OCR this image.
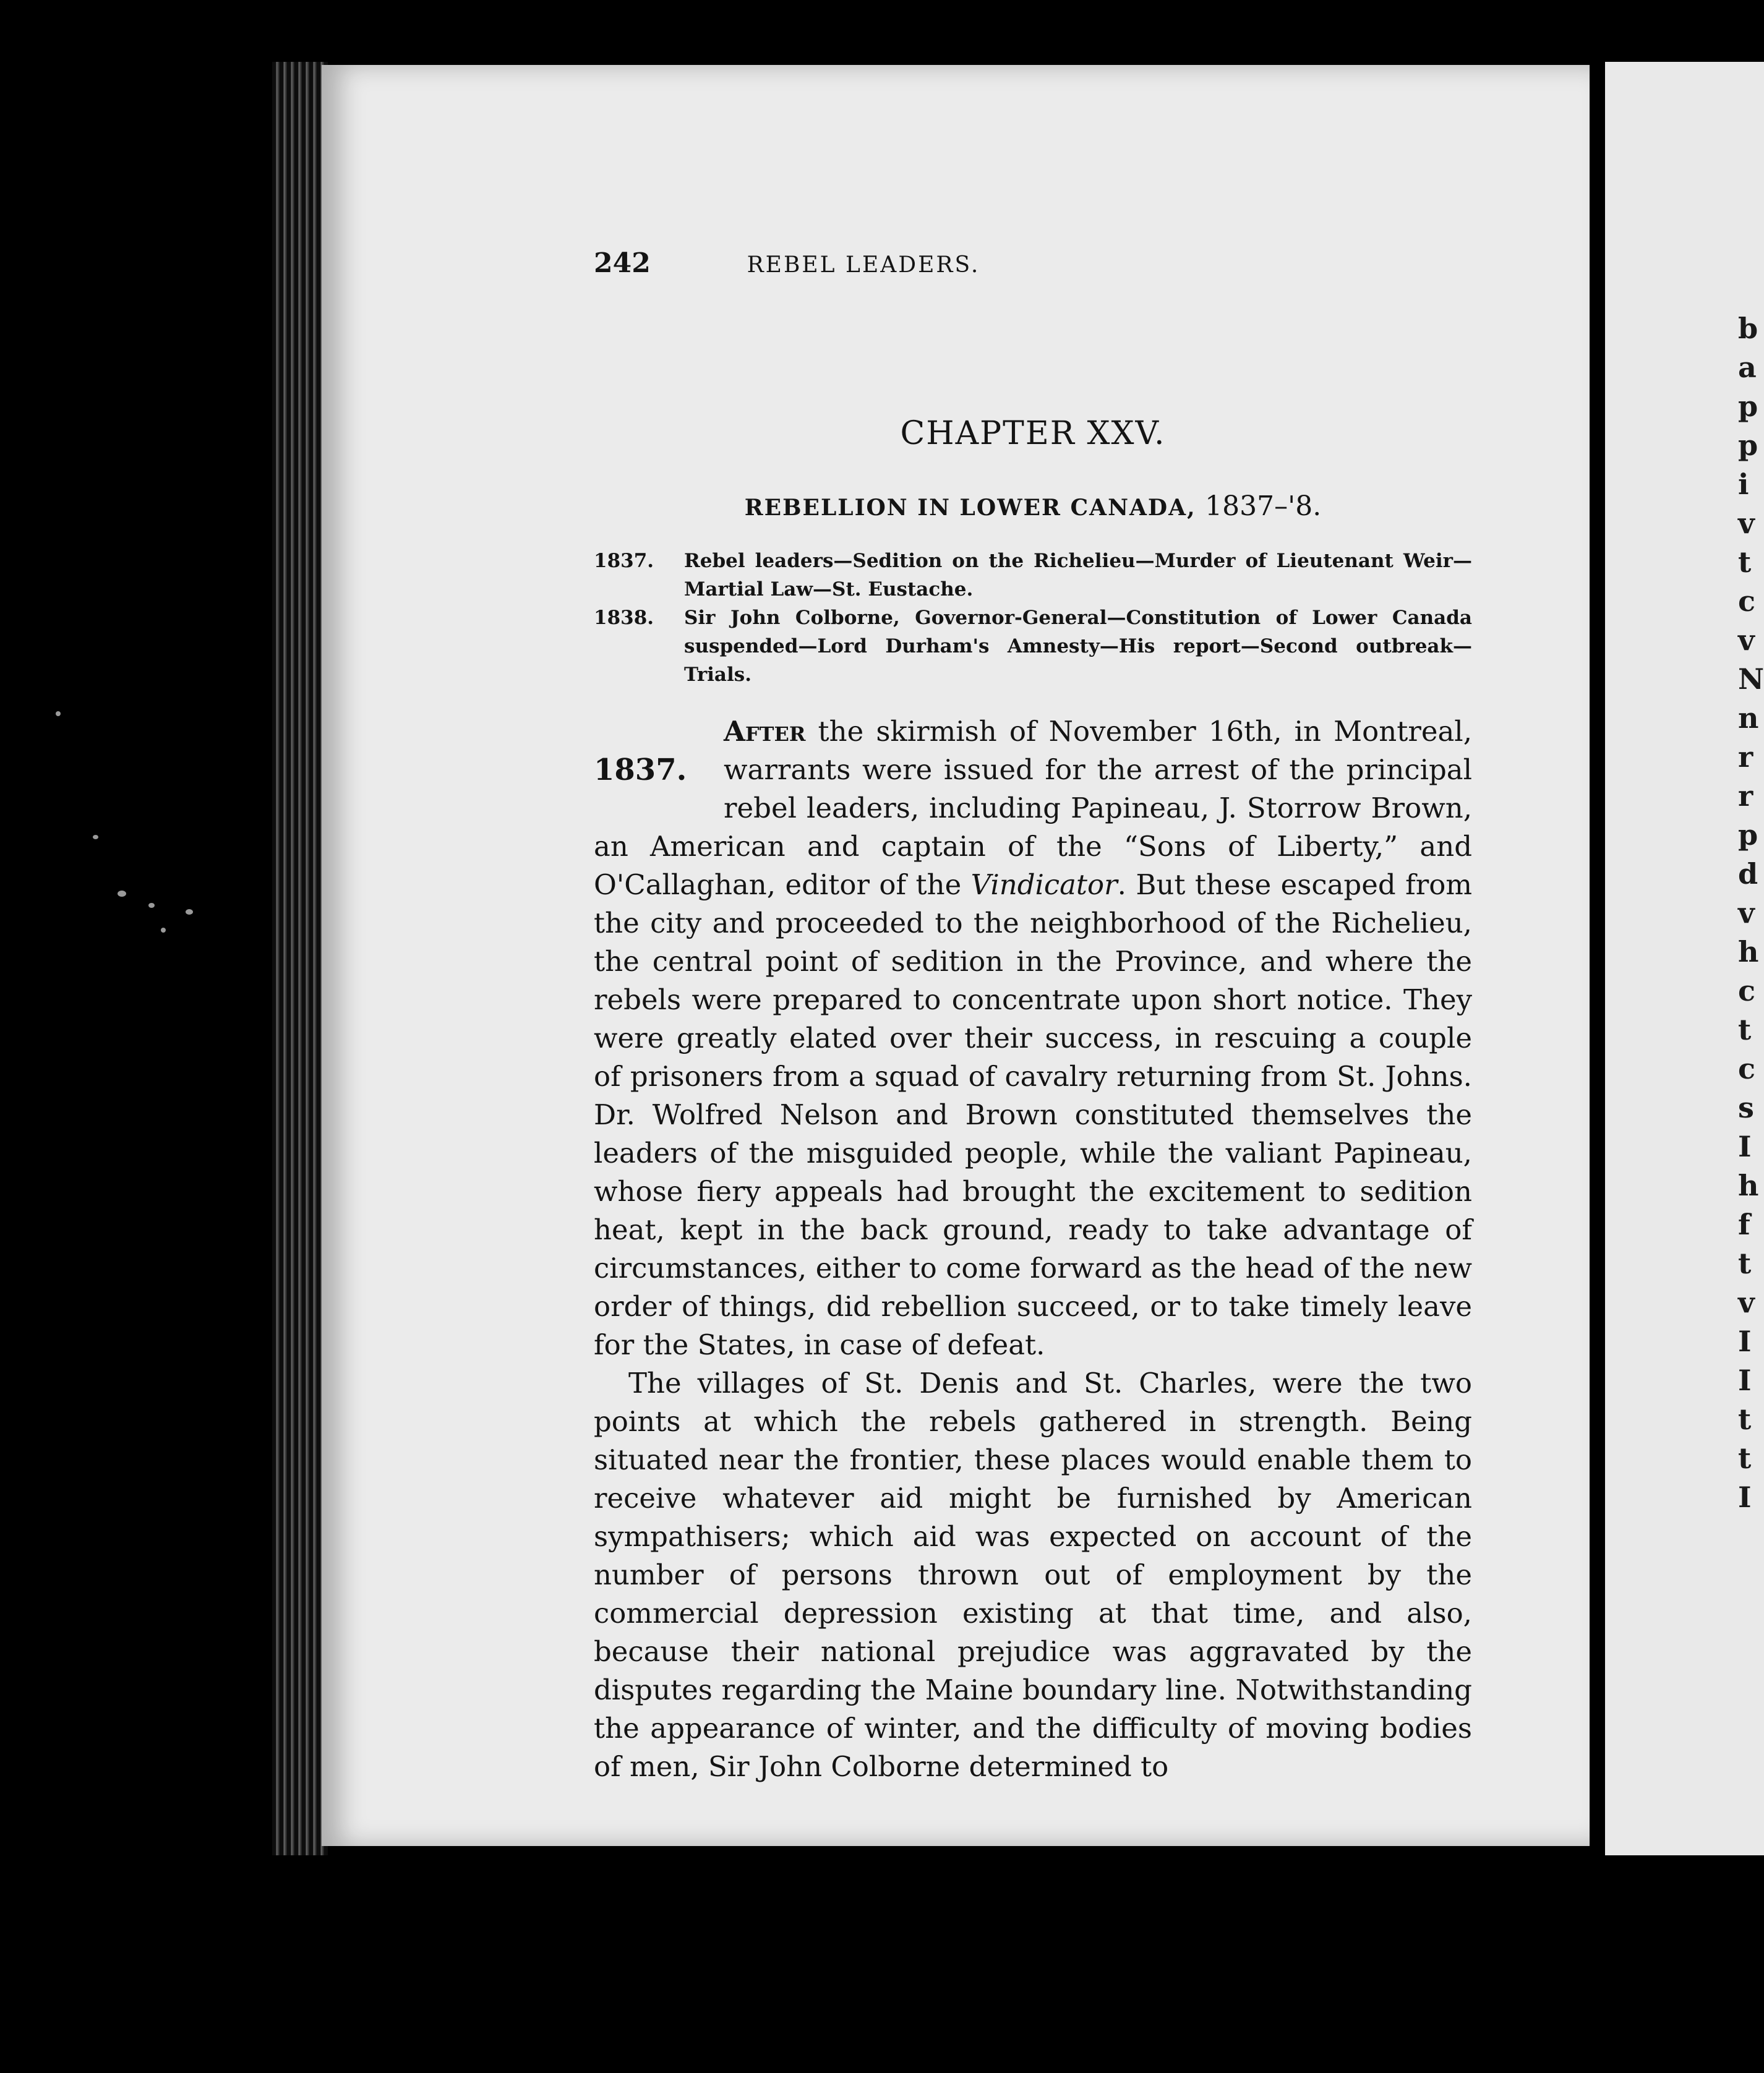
242	REBEL LEADERS.
CHAPTER XXV.
REBELLION IN LOWER CANADA, 1837–'8.
1837.	Rebel leaders—Sedition on the Richelieu—Murder of Lieutenant Weir—Martial Law—St. Eustache.
1838.	Sir John Colborne, Governor-General—Constitution of Lower Canada suspended—Lord Durham's Amnesty—His report—Second outbreak—Trials.

1837.
After the skirmish of November 16th, in Montreal, warrants were issued for the arrest of the principal rebel leaders, including Papineau, J. Storrow Brown, an American and captain of the “Sons of Liberty,” and O'Callaghan, editor of the Vindicator. But these escaped from the city and proceeded to the neighborhood of the Richelieu, the central point of sedition in the Province, and where the rebels were prepared to concentrate upon short notice. They were greatly elated over their success, in rescuing a couple of prisoners from a squad of cavalry returning from St. Johns. Dr. Wolfred Nelson and Brown constituted themselves the leaders of the misguided people, while the valiant Papineau, whose fiery appeals had brought the excitement to sedition heat, kept in the back ground, ready to take advantage of circumstances, either to come forward as the head of the new order of things, did rebellion succeed, or to take timely leave for the States, in case of defeat.

The villages of St. Denis and St. Charles, were the two points at which the rebels gathered in strength. Being situated near the frontier, these places would enable them to receive whatever aid might be furnished by American sympathisers; which aid was expected on account of the number of persons thrown out of employment by the commercial depression existing at that time, and also, because their national prejudice was aggravated by the disputes regarding the Maine boundary line. Notwithstanding the appearance of winter, and the difficulty of moving bodies of men, Sir John Colborne determined to

b
a
p
p
i
v
t
c
v
N
n
r
r
p
d
v
h
c
t
c
s
I
h
f
t
v
I
I
t
t
I
